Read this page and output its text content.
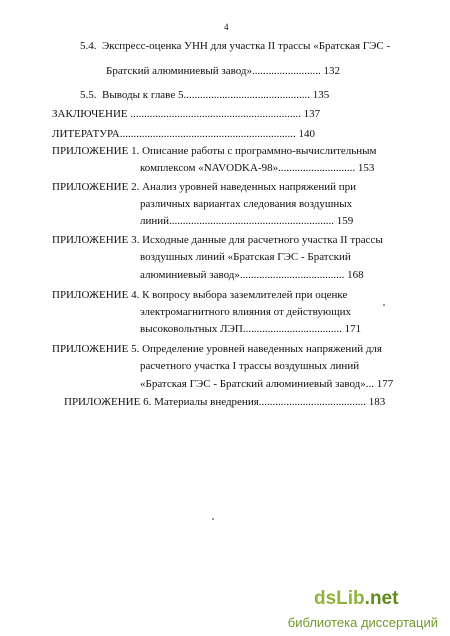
4
5.4.  Экспресс-оценка УНН для участка II трассы «Братская ГЭС -
Братский алюминиевый завод»......................... 132
5.5.  Выводы к главе 5.............................................. 135
ЗАКЛЮЧЕНИЕ .............................................................. 137
ЛИТЕРАТУРА................................................................ 140
ПРИЛОЖЕНИЕ 1. Описание работы с программно-вычислительным
комплексом «NAVODKA-98»............................ 153
ПРИЛОЖЕНИЕ 2. Анализ уровней наведенных напряжений при
различных вариантах следования воздушных
линий............................................................ 159
ПРИЛОЖЕНИЕ 3. Исходные данные для расчетного участка II трассы
воздушных линий «Братская ГЭС - Братский
алюминиевый завод»...................................... 168
ПРИЛОЖЕНИЕ 4. К вопросу выбора заземлителей при оценке
электромагнитного влияния от действующих
высоковольтных ЛЭП.................................... 171
ПРИЛОЖЕНИЕ 5. Определение уровней наведенных напряжений для
расчетного участка I трассы воздушных линий
«Братская ГЭС - Братский алюминиевый завод»... 177
ПРИЛОЖЕНИЕ 6. Материалы внедрения....................................... 183
dsLib.net
библиотека диссертаций
